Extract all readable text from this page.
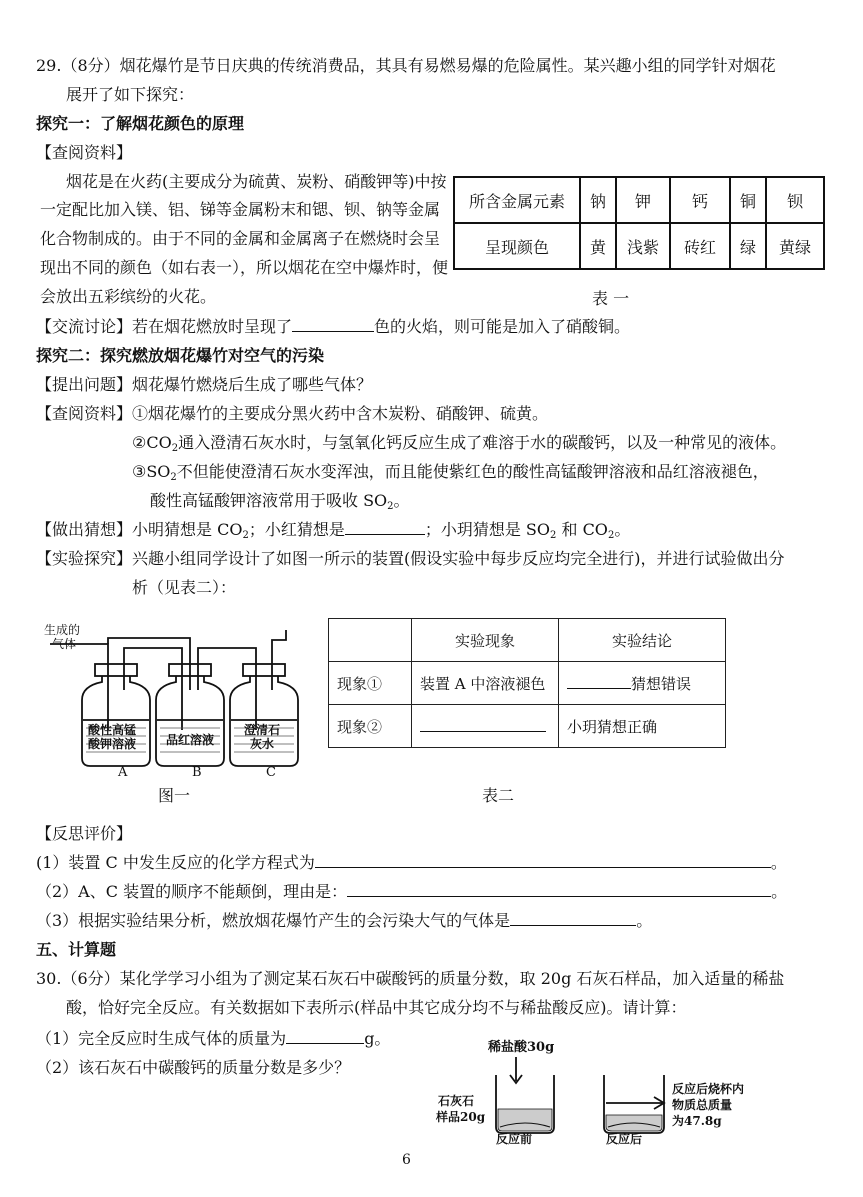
29.（8分）烟花爆竹是节日庆典的传统消费品，其具有易燃易爆的危险属性。某兴趣小组的同学针对烟花
展开了如下探究：
探究一：了解烟花颜色的原理
【查阅资料】
烟花是在火药(主要成分为硫黄、炭粉、硝酸钾等)中按
一定配比加入镁、铝、锑等金属粉末和锶、钡、钠等金属
化合物制成的。由于不同的金属和金属离子在燃烧时会呈
现出不同的颜色（如右表一），所以烟花在空中爆炸时，便
会放出五彩缤纷的火花。
所含金属元素	钠	钾	钙	铜	钡
呈现颜色	黄	浅紫	砖红	绿	黄绿
表 一
【交流讨论】若在烟花燃放时呈现了	色的火焰，则可能是加入了硝酸铜。
探究二：探究燃放烟花爆竹对空气的污染
【提出问题】烟花爆竹燃烧后生成了哪些气体？
【查阅资料】 ①烟花爆竹的主要成分黑火药中含木炭粉、硝酸钾、硫黄。
$②CO_2$通入澄清石灰水时，与氢氧化钙反应生成了难溶于水的碳酸钙，以及一种常见的液体。
$③SO_2$不但能使澄清石灰水变浑浊，而且能使紫红色的酸性高锰酸钾溶液和品红溶液褪色，
酸性高锰酸钾溶液常用于吸收 $SO_2$。
【做出猜想】小明猜想是 $CO_2$；小红猜想是	；小玥猜想是 $SO_2$ 和 $CO_2$。
【实验探究】兴趣小组同学设计了如图一所示的装置(假设实验中每步反应均完全进行)，并进行试验做出分
析（见表二）：
生成的
气体
酸性高锰
酸钾溶液 品红溶液
澄清石
灰水
A	B	C
图一
	实验现象	实验结论
现象①	装置 A 中溶液褪色	猜想错误
现象②		小玥猜想正确
表二
【反思评价】
(1）装置 C 中发生反应的化学方程式为	。
（2）A、C 装置的顺序不能颠倒，理由是：	。
（3）根据实验结果分析，燃放烟花爆竹产生的会污染大气的气体是	。
五、计算题
30.（6分）某化学学习小组为了测定某石灰石中碳酸钙的质量分数，取 20g 石灰石样品，加入适量的稀盐
酸，恰好完全反应。有关数据如下表所示(样品中其它成分均不与稀盐酸反应)。请计算：
（1）完全反应时生成气体的质量为	g。
（2）该石灰石中碳酸钙的质量分数是多少？
稀盐酸30g
石灰石
样品20g
反应前	反应后
反应后烧杯内
物质总质量
为47.8g
6
